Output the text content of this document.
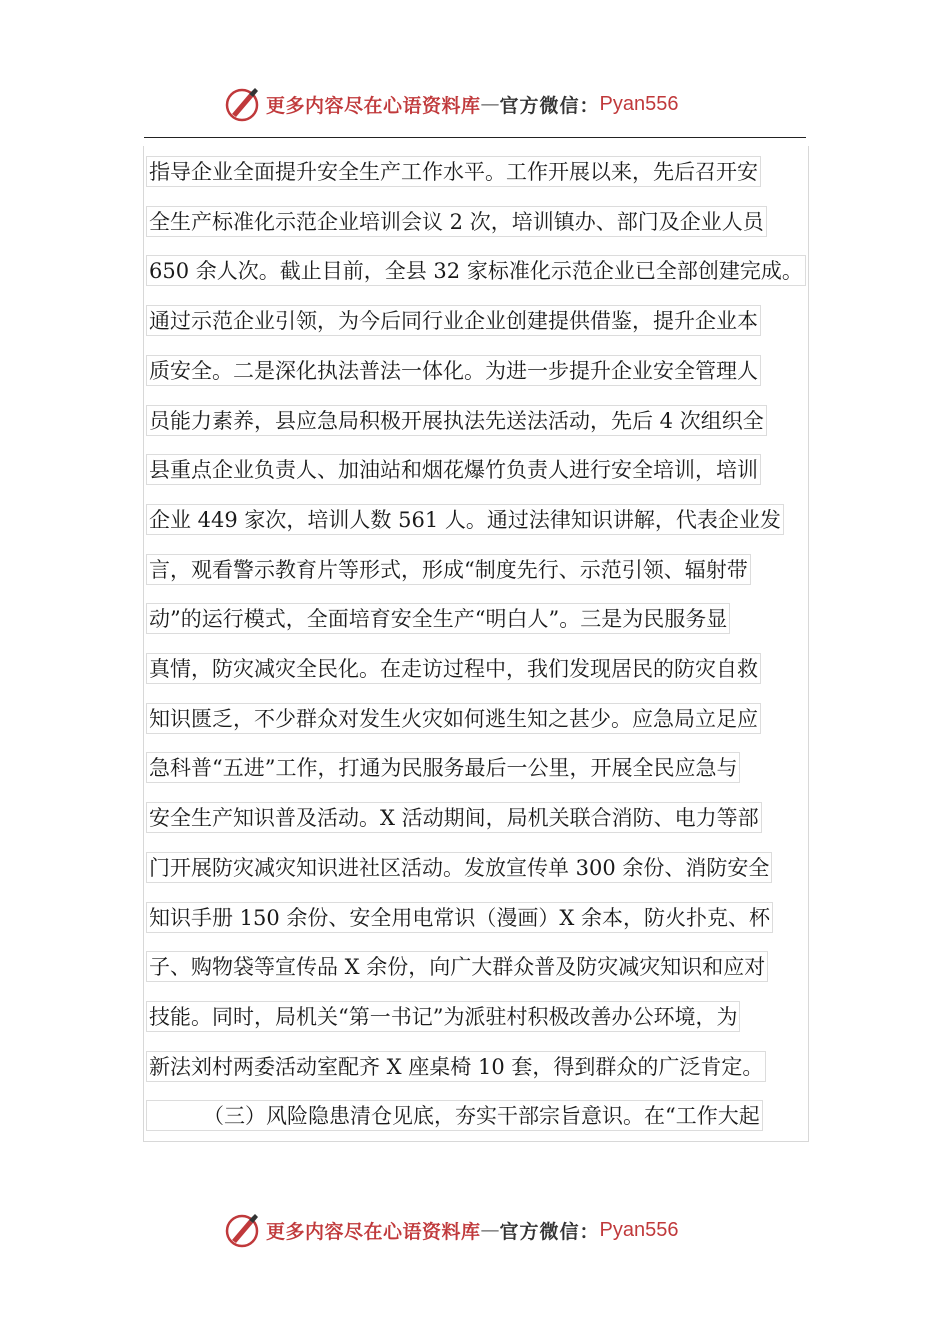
更多内容尽在心语资料库 — 官方微信： Pyan556
指导企业全面提升安全生产工作水平。工作开展以来，先后召开安
全生产标准化示范企业培训会议 2 次，培训镇办、部门及企业人员
650 余人次。截止目前，全县 32 家标准化示范企业已全部创建完成。
通过示范企业引领，为今后同行业企业创建提供借鉴，提升企业本
质安全。二是深化执法普法一体化。为进一步提升企业安全管理人
员能力素养，县应急局积极开展执法先送法活动，先后 4 次组织全
县重点企业负责人、加油站和烟花爆竹负责人进行安全培训，培训
企业 449 家次，培训人数 561 人。通过法律知识讲解，代表企业发
言，观看警示教育片等形式，形成“制度先行、示范引领、辐射带
动”的运行模式，全面培育安全生产“明白人”。三是为民服务显
真情，防灾减灾全民化。在走访过程中，我们发现居民的防灾自救
知识匮乏，不少群众对发生火灾如何逃生知之甚少。应急局立足应
急科普“五进”工作，打通为民服务最后一公里，开展全民应急与
安全生产知识普及活动。X 活动期间，局机关联合消防、电力等部
门开展防灾减灾知识进社区活动。发放宣传单 300 余份、消防安全
知识手册 150 余份、安全用电常识（漫画）X 余本，防火扑克、杯
子、购物袋等宣传品 X 余份，向广大群众普及防灾减灾知识和应对
技能。同时，局机关“第一书记”为派驻村积极改善办公环境，为
新法刘村两委活动室配齐 X 座桌椅 10 套，得到群众的广泛肯定。
（三）风险隐患清仓见底，夯实干部宗旨意识。在“工作大起
更多内容尽在心语资料库 — 官方微信： Pyan556
